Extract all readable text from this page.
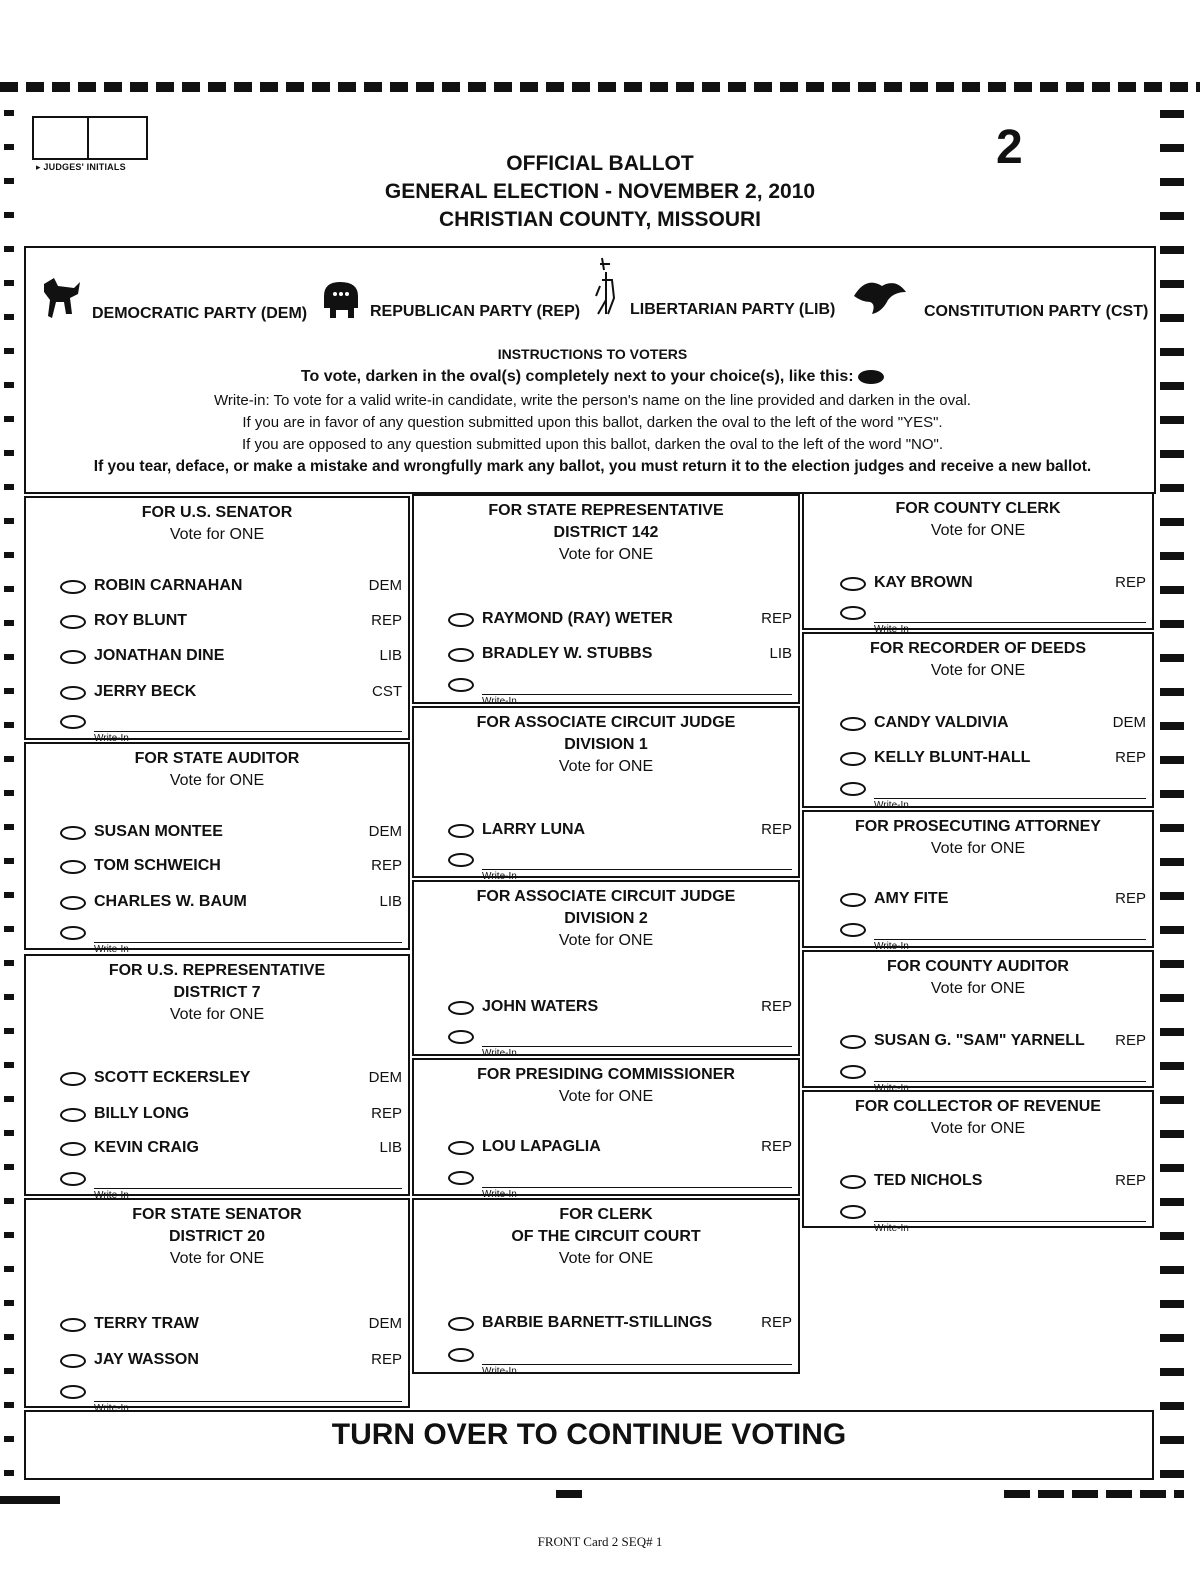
▸ JUDGES' INITIALS	2
OFFICIAL BALLOT
GENERAL ELECTION - NOVEMBER 2, 2010
CHRISTIAN COUNTY, MISSOURI
DEMOCRATIC PARTY (DEM)	REPUBLICAN PARTY (REP)	LIBERTARIAN PARTY (LIB)	CONSTITUTION PARTY (CST)
INSTRUCTIONS TO VOTERS
To vote, darken in the oval(s) completely next to your choice(s), like this:
Write-in: To vote for a valid write-in candidate, write the person's name on the line provided and darken in the oval.
If you are in favor of any question submitted upon this ballot, darken the oval to the left of the word "YES".
If you are opposed to any question submitted upon this ballot, darken the oval to the left of the word "NO".
If you tear, deface, or make a mistake and wrongfully mark any ballot, you must return it to the election judges and receive a new ballot.
FOR U.S. SENATOR
Vote for ONE
ROBIN CARNAHAN	DEM
ROY BLUNT	REP
JONATHAN DINE	LIB
JERRY BECK	CST
Write-In
FOR STATE AUDITOR
Vote for ONE
SUSAN MONTEE	DEM
TOM SCHWEICH	REP
CHARLES W. BAUM	LIB
Write-In
FOR U.S. REPRESENTATIVE
DISTRICT 7
Vote for ONE
SCOTT ECKERSLEY	DEM
BILLY LONG	REP
KEVIN CRAIG	LIB
Write-In
FOR STATE SENATOR
DISTRICT 20
Vote for ONE
TERRY TRAW	DEM
JAY WASSON	REP
Write-In
FOR STATE REPRESENTATIVE
DISTRICT 142
Vote for ONE
RAYMOND (RAY) WETER	REP
BRADLEY W. STUBBS	LIB
Write-In
FOR ASSOCIATE CIRCUIT JUDGE
DIVISION 1
Vote for ONE
LARRY LUNA	REP
Write-In
FOR ASSOCIATE CIRCUIT JUDGE
DIVISION 2
Vote for ONE
JOHN WATERS	REP
Write-In
FOR PRESIDING COMMISSIONER
Vote for ONE
LOU LAPAGLIA	REP
Write-In
FOR CLERK
OF THE CIRCUIT COURT
Vote for ONE
BARBIE BARNETT-STILLINGS	REP
Write-In
FOR COUNTY CLERK
Vote for ONE
KAY BROWN	REP
Write-In
FOR RECORDER OF DEEDS
Vote for ONE
CANDY VALDIVIA	DEM
KELLY BLUNT-HALL	REP
Write-In
FOR PROSECUTING ATTORNEY
Vote for ONE
AMY FITE	REP
Write-In
FOR COUNTY AUDITOR
Vote for ONE
SUSAN G. "SAM" YARNELL REP
Write-In
FOR COLLECTOR OF REVENUE
Vote for ONE
TED NICHOLS	REP
Write-In
TURN OVER TO CONTINUE VOTING
FRONT Card 2 SEQ# 1
